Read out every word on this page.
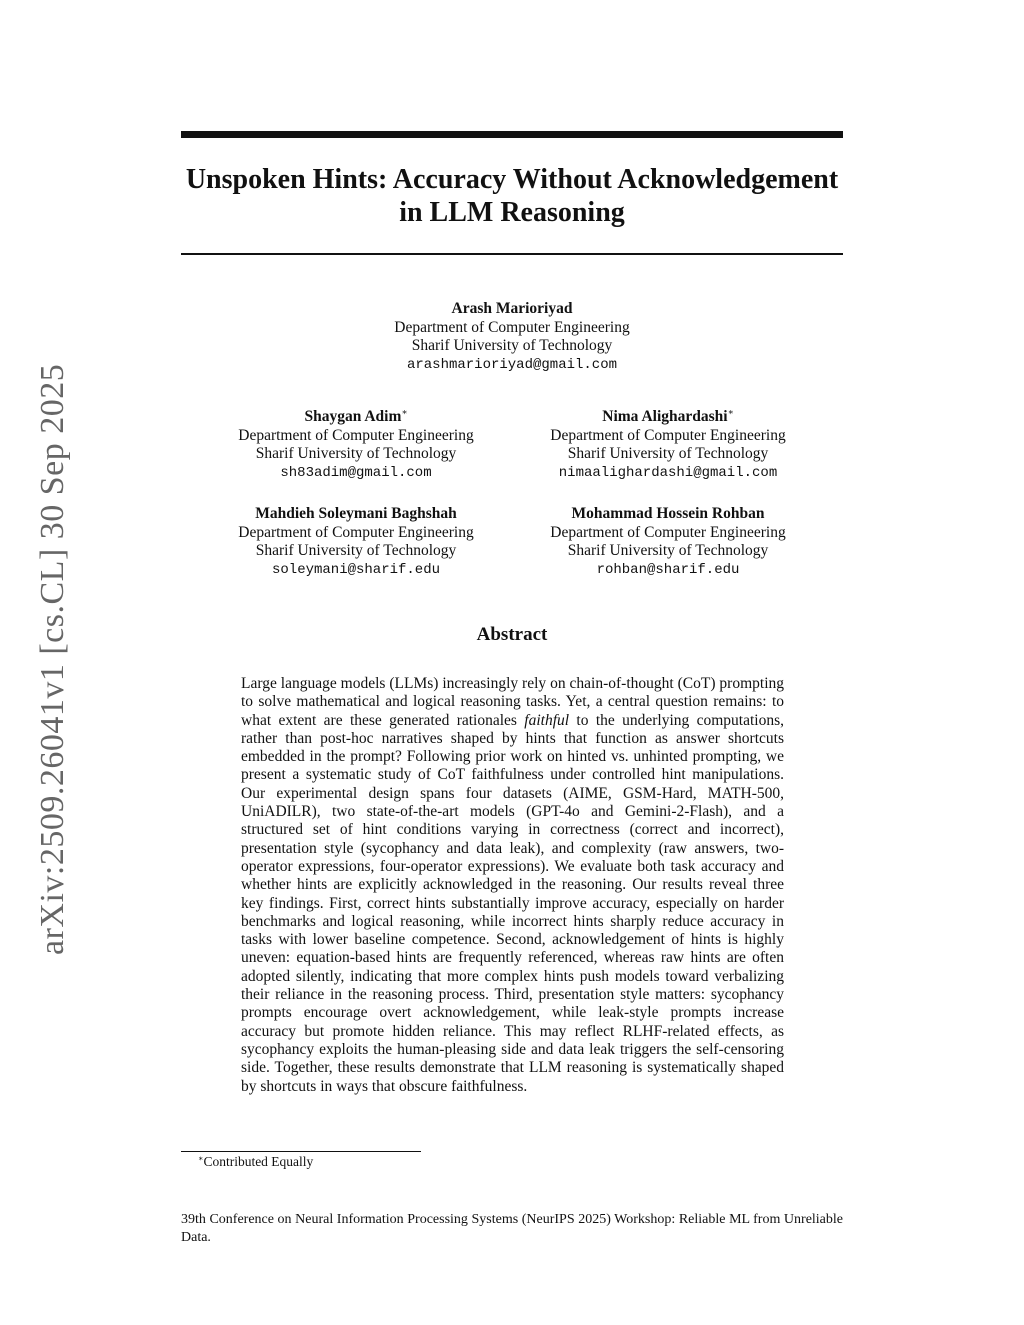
arXiv:2509.26041v1 [cs.CL] 30 Sep 2025
Unspoken Hints: Accuracy Without Acknowledgement in LLM Reasoning
Arash Marioriyad
Department of Computer Engineering
Sharif University of Technology
arashmarioriyad@gmail.com
Shaygan Adim∗
Department of Computer Engineering
Sharif University of Technology
sh83adim@gmail.com
Nima Alighardashi∗
Department of Computer Engineering
Sharif University of Technology
nimaalighardashi@gmail.com
Mahdieh Soleymani Baghshah
Department of Computer Engineering
Sharif University of Technology
soleymani@sharif.edu
Mohammad Hossein Rohban
Department of Computer Engineering
Sharif University of Technology
rohban@sharif.edu
Abstract

Large language models (LLMs) increasingly rely on chain-of-thought (CoT) prompting to solve mathematical and logical reasoning tasks. Yet, a central question remains: to what extent are these generated rationales faithful to the underlying computations, rather than post-hoc narratives shaped by hints that function as answer shortcuts embedded in the prompt? Following prior work on hinted vs. unhinted prompting, we present a systematic study of CoT faithfulness under controlled hint manipulations. Our experimental design spans four datasets (AIME, GSM-Hard, MATH-500, UniADILR), two state-of-the-art models (GPT-4o and Gemini-2-Flash), and a structured set of hint conditions varying in correctness (correct and incorrect), presentation style (sycophancy and data leak), and complexity (raw answers, two-operator expressions, four-operator expressions). We evaluate both task accuracy and whether hints are explicitly acknowledged in the reasoning. Our results reveal three key findings. First, correct hints substantially improve accuracy, especially on harder benchmarks and logical reasoning, while incorrect hints sharply reduce accuracy in tasks with lower baseline competence. Second, acknowledgement of hints is highly uneven: equation-based hints are frequently referenced, whereas raw hints are often adopted silently, indicating that more complex hints push models toward verbalizing their reliance in the reasoning process. Third, presentation style matters: sycophancy prompts encourage overt acknowledgement, while leak-style prompts increase accuracy but promote hidden reliance. This may reflect RLHF-related effects, as sycophancy exploits the human-pleasing side and data leak triggers the self-censoring side. Together, these results demonstrate that LLM reasoning is systematically shaped by shortcuts in ways that obscure faithfulness.

∗Contributed Equally

39th Conference on Neural Information Processing Systems (NeurIPS 2025) Workshop: Reliable ML from Unreliable Data.
